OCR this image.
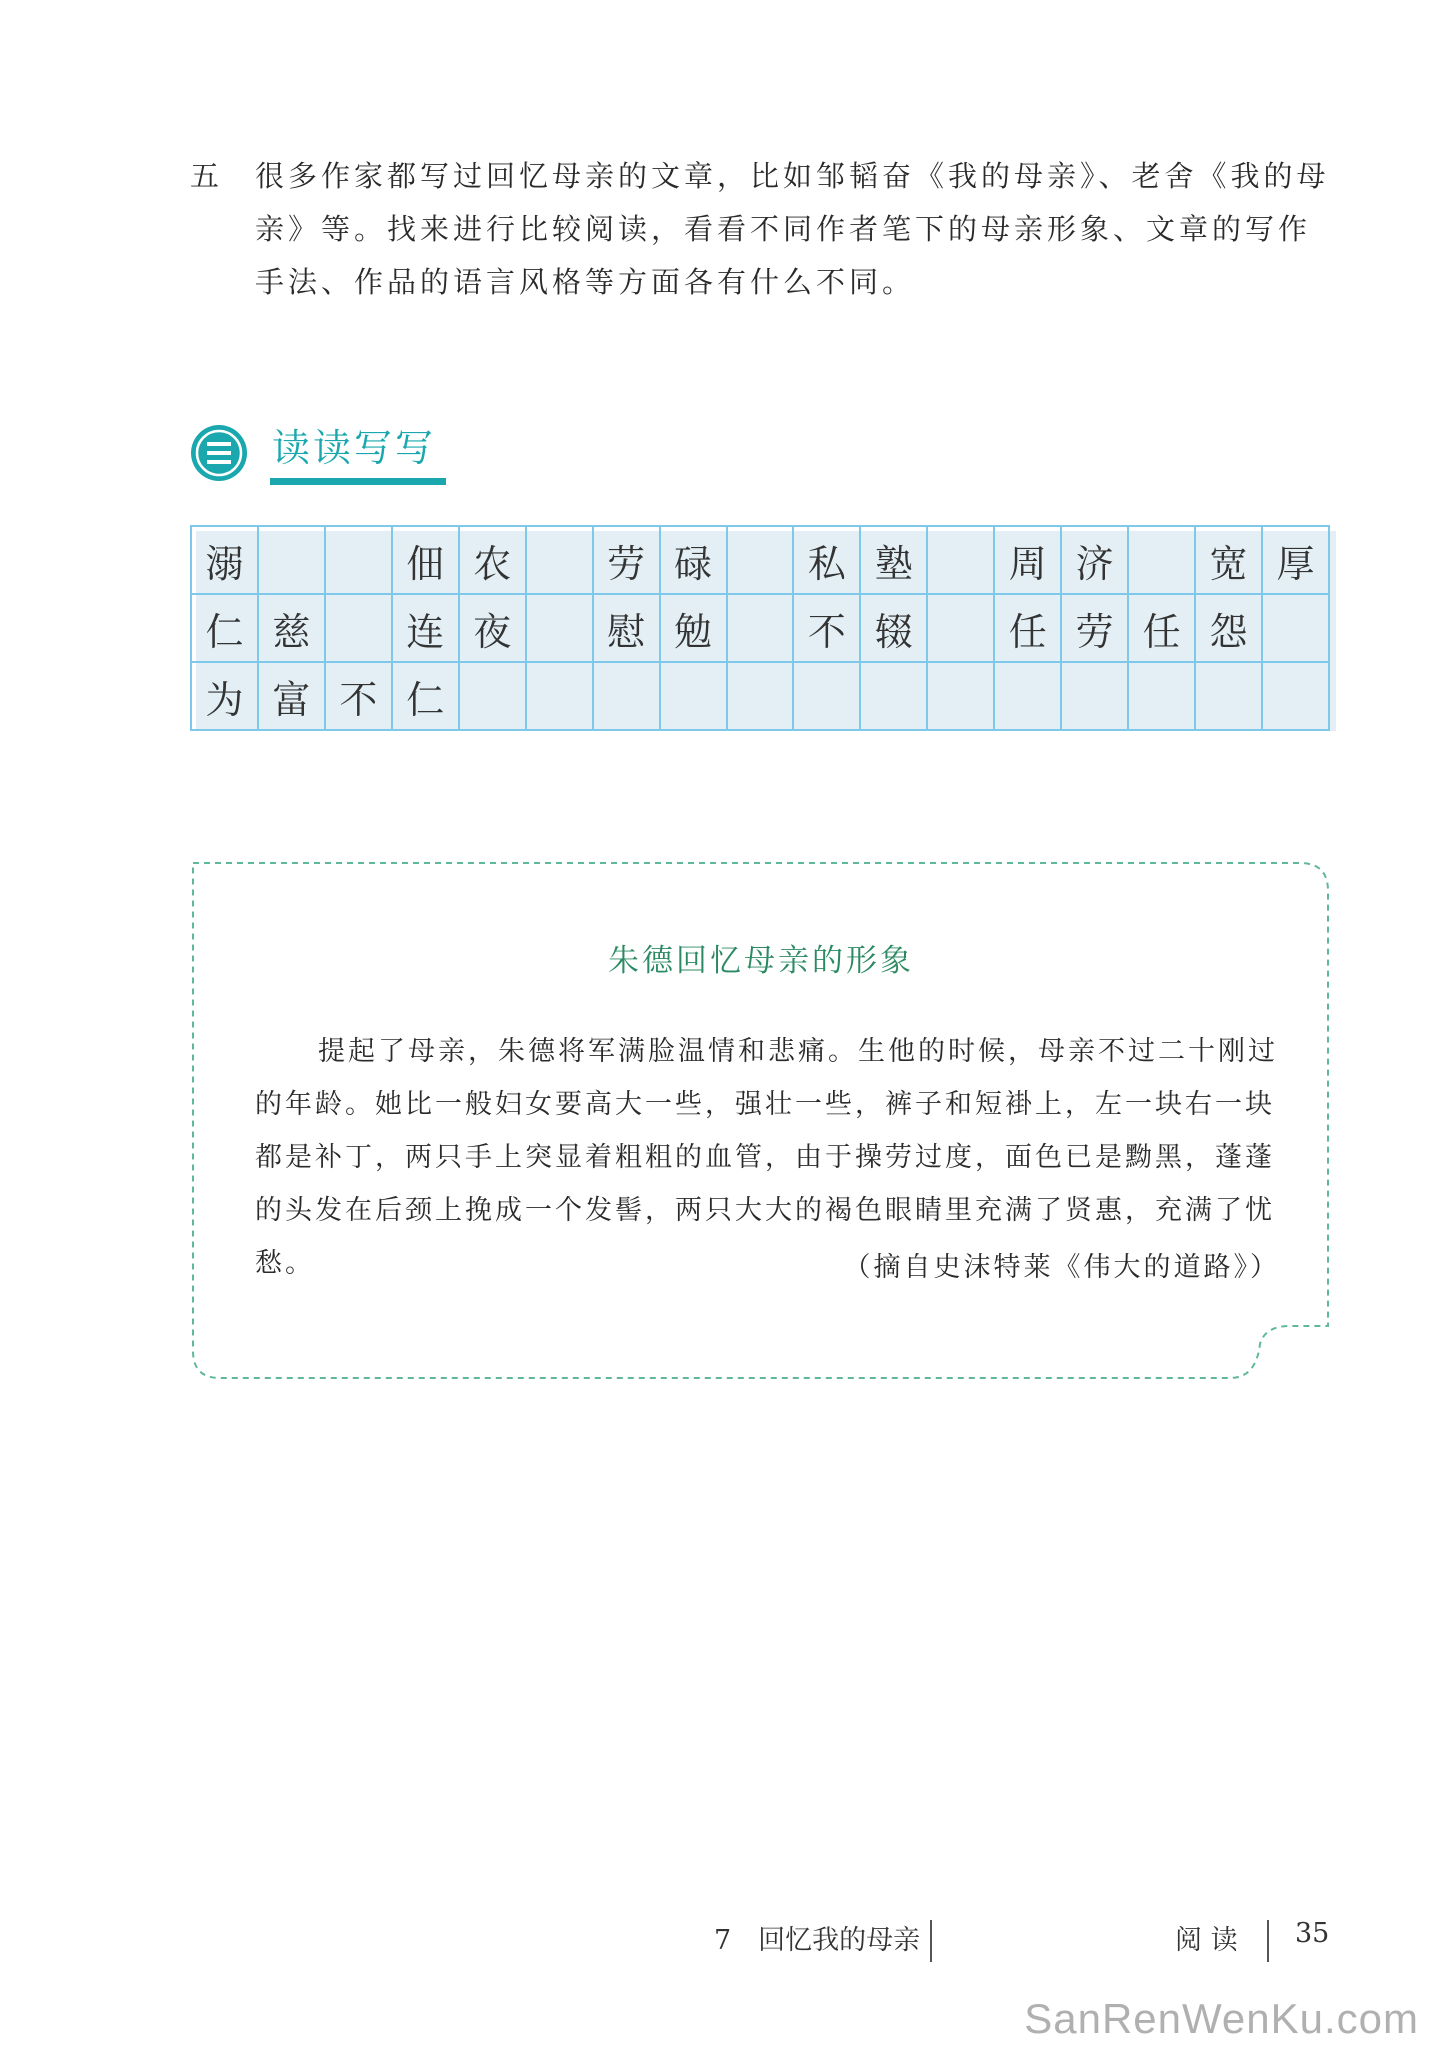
五 很多作家都写过回忆母亲的文章，比如邹韬奋《我的母亲》、老舍《我的母亲》等。找来进行比较阅读，看看不同作者笔下的母亲形象、文章的写作手法、作品的语言风格等方面各有什么不同。
读读写写
溺			佃	农		劳	碌		私	塾		周	济		宽	厚
仁	慈		连	夜		慰	勉		不	辍		任	劳	任	怨	
为	富	不	仁													
朱德回忆母亲的形象
提起了母亲，朱德将军满脸温情和悲痛。生他的时候，母亲不过二十刚过的年龄。她比一般妇女要高大一些，强壮一些，裤子和短褂上，左一块右一块都是补丁，两只手上突显着粗粗的血管，由于操劳过度，面色已是黝黑，蓬蓬的头发在后颈上挽成一个发髻，两只大大的褐色眼睛里充满了贤惠，充满了忧愁。	（摘自史沫特莱《伟大的道路》）
7　回忆我的母亲	阅 读 35
SanRenWenKu.com
